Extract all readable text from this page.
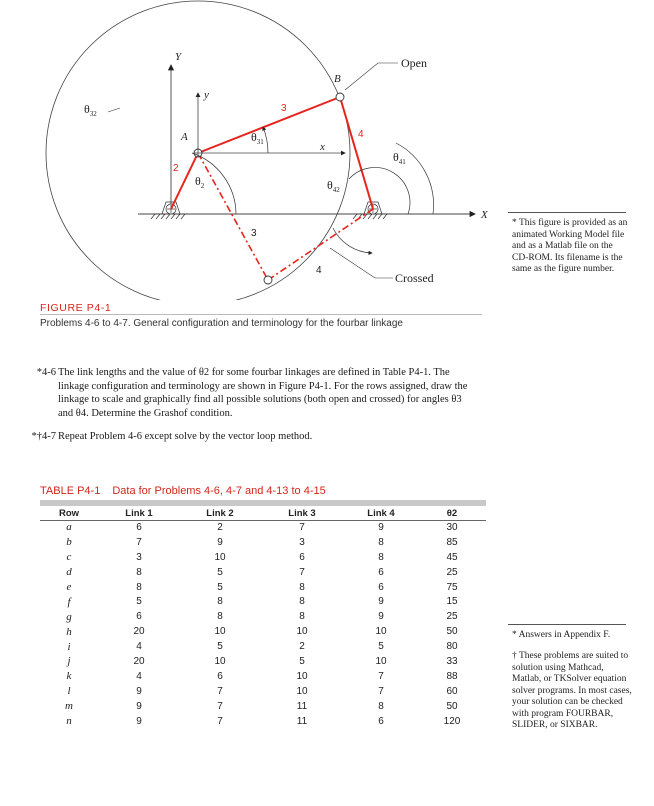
Y
y
x
X
A
B
Open
Crossed
$\theta_{32}$
$\theta_{31}$
$\theta_{41}$
$\theta_{42}$
$\theta_2$
2
3
4
3
4
* This figure is provided as an animated Working Model file and as a Matlab file on the CD-ROM. Its filename is the same as the figure number.
FIGURE P4-1
Problems 4-6 to 4-7. General configuration and terminology for the fourbar linkage
*4-6 The link lengths and the value of θ2 for some fourbar linkages are defined in Table P4-1. The linkage configuration and terminology are shown in Figure P4-1. For the rows assigned, draw the linkage to scale and graphically find all possible solutions (both open and crossed) for angles θ3 and θ4. Determine the Grashof condition.
*†4-7 Repeat Problem 4-6 except solve by the vector loop method.
TABLE P4-1 Data for Problems 4-6, 4-7 and 4-13 to 4-15
Row	Link 1	Link 2	Link 3	Link 4	θ2
a	6	2	7	9	30
b	7	9	3	8	85
c	3	10	6	8	45
d	8	5	7	6	25
e	8	5	8	6	75
f	5	8	8	9	15
g	6	8	8	9	25
h	20	10	10	10	50
i	4	5	2	5	80
j	20	10	5	10	33
k	4	6	10	7	88
l	9	7	10	7	60
m	9	7	11	8	50
n	9	7	11	6	120
* Answers in Appendix F.
† These problems are suited to solution using Mathcad, Matlab, or TKSolver equation solver programs. In most cases, your solution can be checked with program FOURBAR, SLIDER, or SIXBAR.
